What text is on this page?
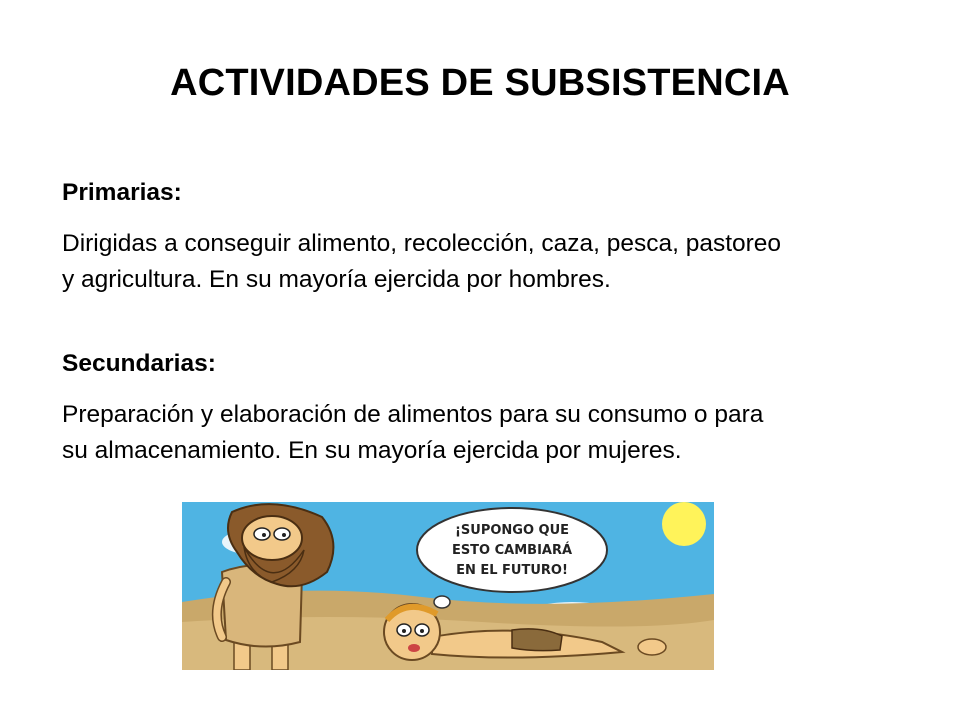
ACTIVIDADES DE SUBSISTENCIA
Primarias:
Dirigidas a conseguir alimento, recolección, caza, pesca, pastoreo
y agricultura. En su mayoría ejercida por hombres.
Secundarias:
Preparación y elaboración de alimentos para su consumo o para
su almacenamiento. En su mayoría ejercida por mujeres.
¡SUPONGO QUE
ESTO CAMBIARÁ
EN EL FUTURO!
